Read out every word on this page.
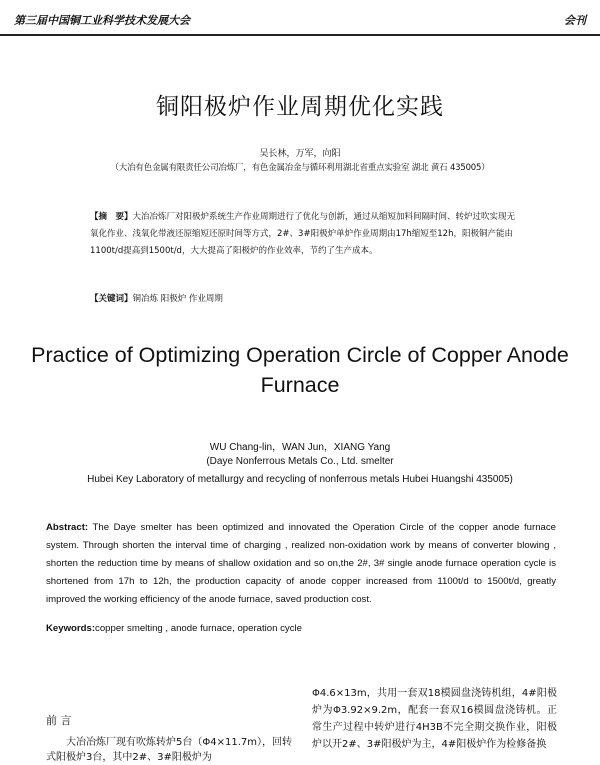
第三届中国铜工业科学技术发展大会	会刊
铜阳极炉作业周期优化实践
吴长林，万军，向阳
（大冶有色金属有限责任公司冶炼厂，有色金属冶金与循环利用湖北省重点实验室 湖北 黄石 435005）
【摘　要】大冶冶炼厂对阳极炉系统生产作业周期进行了优化与创新，通过从缩短加料间隔时间、转炉过吹实现无氧化作业、浅氧化带液还原缩短还原时间等方式，2#、3#阳极炉单炉作业周期由17h缩短至12h，阳极铜产能由1100t/d提高到1500t/d，大大提高了阳极炉的作业效率，节约了生产成本。
【关键词】铜冶炼 阳极炉 作业周期
Practice of Optimizing Operation Circle of Copper Anode Furnace
WU Chang-lin，WAN Jun，XIANG Yang
(Daye Nonferrous Metals Co., Ltd. smelter
Hubei Key Laboratory of metallurgy and recycling of nonferrous metals Hubei Huangshi 435005)
Abstract: The Daye smelter has been optimized and innovated the Operation Circle of the copper anode furnace system. Through shorten the interval time of charging , realized non-oxidation work by means of converter blowing , shorten the reduction time by means of shallow oxidation and so on,the 2#, 3# single anode furnace operation cycle is shortened from 17h to 12h, the production capacity of anode copper increased from 1100t/d to 1500t/d, greatly improved the working efficiency of the anode furnace, saved production cost.
Keywords:copper smelting , anode furnace, operation cycle
前 言

大冶冶炼厂现有吹炼转炉5台（Φ4×11.7m），回转式阳极炉3台，其中2#、3#阳极炉为

Φ4.6×13m，共用一套双18模圆盘浇铸机组，4#阳极炉为Φ3.92×9.2m，配套一套双16模圆盘浇铸机。正常生产过程中转炉进行4H3B不完全期交换作业，阳极炉以开2#、3#阳极炉为主，4#阳极炉作为检修备换
